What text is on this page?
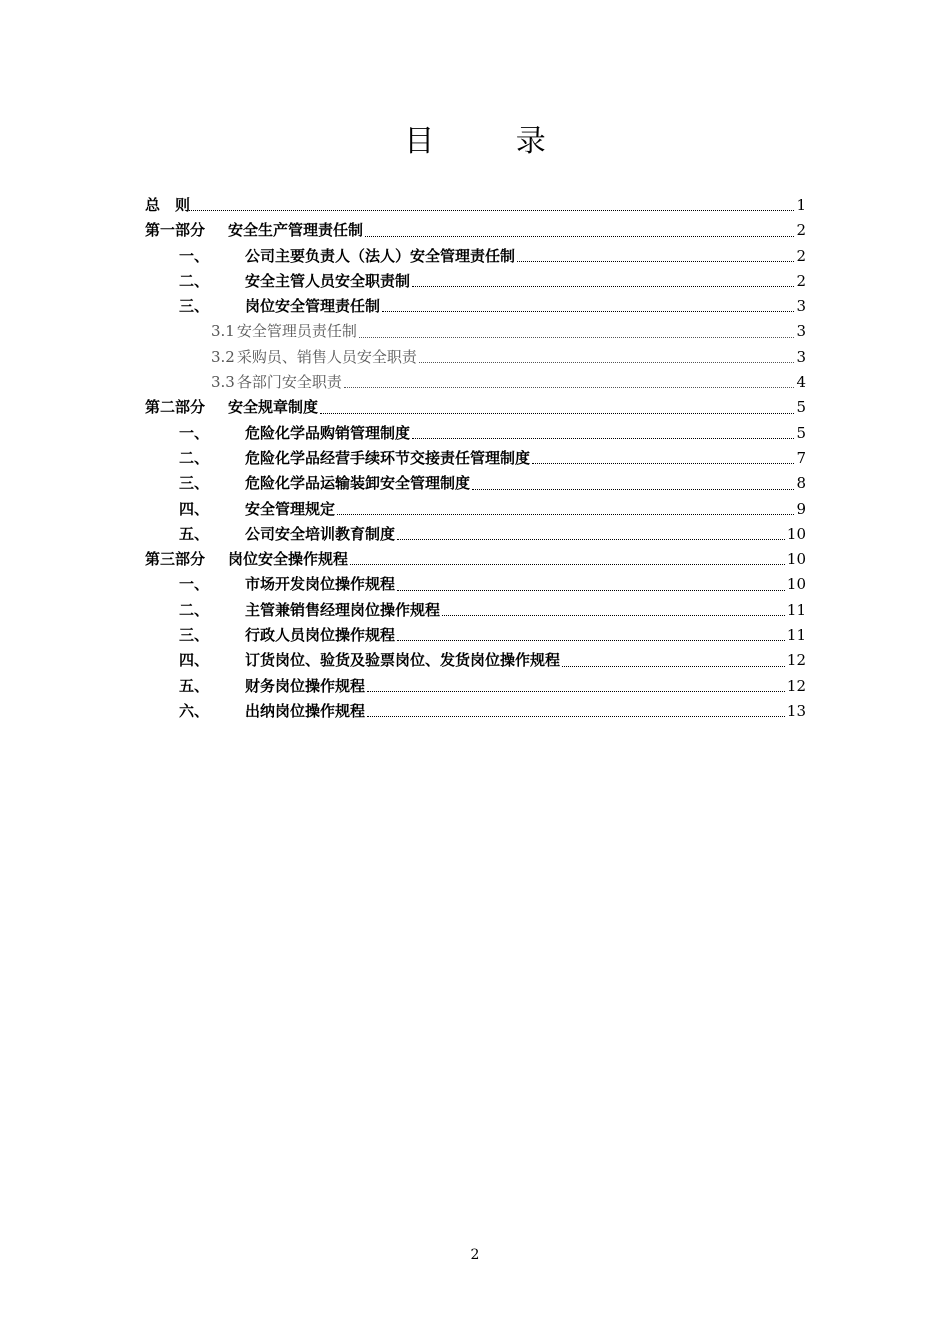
目 录
总　则	1
第一部分	安全生产管理责任制	2
一、	公司主要负责人（法人）安全管理责任制	2
二、	安全主管人员安全职责制	2
三、	岗位安全管理责任制	3
3.1 安全管理员责任制	3
3.2 采购员、销售人员安全职责	3
3.3 各部门安全职责	4
第二部分	安全规章制度	5
一、	危险化学品购销管理制度	5
二、	危险化学品经营手续环节交接责任管理制度	7
三、	危险化学品运输装卸安全管理制度	8
四、	安全管理规定	9
五、	公司安全培训教育制度	10
第三部分	岗位安全操作规程	10
一、	市场开发岗位操作规程	10
二、	主管兼销售经理岗位操作规程	11
三、	行政人员岗位操作规程	11
四、	订货岗位、验货及验票岗位、发货岗位操作规程	12
五、	财务岗位操作规程	12
六、	出纳岗位操作规程	13
2
